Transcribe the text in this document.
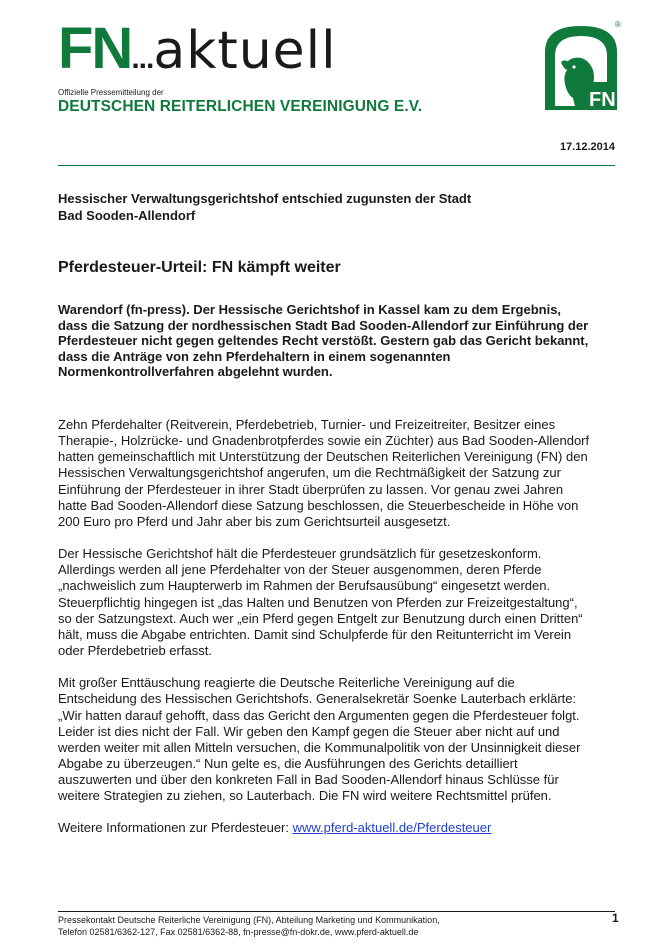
FN...aktuell
Offizielle Pressemitteilung der
DEUTSCHEN REITERLICHEN VEREINIGUNG E.V.	FN
®
17.12.2014
Hessischer Verwaltungsgerichtshof entschied zugunsten der Stadt
Bad Sooden-Allendorf
Pferdesteuer-Urteil: FN kämpft weiter
Warendorf (fn-press). Der Hessische Gerichtshof in Kassel kam zu dem Ergebnis,
dass die Satzung der nordhessischen Stadt Bad Sooden-Allendorf zur Einführung der
Pferdesteuer nicht gegen geltendes Recht verstößt. Gestern gab das Gericht bekannt,
dass die Anträge von zehn Pferdehaltern in einem sogenannten
Normenkontrollverfahren abgelehnt wurden.

Zehn Pferdehalter (Reitverein, Pferdebetrieb, Turnier- und Freizeitreiter, Besitzer eines
Therapie-, Holzrücke- und Gnadenbrotpferdes sowie ein Züchter) aus Bad Sooden-Allendorf
hatten gemeinschaftlich mit Unterstützung der Deutschen Reiterlichen Vereinigung (FN) den
Hessischen Verwaltungsgerichtshof angerufen, um die Rechtmäßigkeit der Satzung zur
Einführung der Pferdesteuer in ihrer Stadt überprüfen zu lassen. Vor genau zwei Jahren
hatte Bad Sooden-Allendorf diese Satzung beschlossen, die Steuerbescheide in Höhe von
200 Euro pro Pferd und Jahr aber bis zum Gerichtsurteil ausgesetzt.

Der Hessische Gerichtshof hält die Pferdesteuer grundsätzlich für gesetzeskonform.
Allerdings werden all jene Pferdehalter von der Steuer ausgenommen, deren Pferde
„nachweislich zum Haupterwerb im Rahmen der Berufsausübung“ eingesetzt werden.
Steuerpflichtig hingegen ist „das Halten und Benutzen von Pferden zur Freizeitgestaltung“,
so der Satzungstext. Auch wer „ein Pferd gegen Entgelt zur Benutzung durch einen Dritten“
hält, muss die Abgabe entrichten. Damit sind Schulpferde für den Reitunterricht im Verein
oder Pferdebetrieb erfasst.

Mit großer Enttäuschung reagierte die Deutsche Reiterliche Vereinigung auf die
Entscheidung des Hessischen Gerichtshofs. Generalsekretär Soenke Lauterbach erklärte:
„Wir hatten darauf gehofft, dass das Gericht den Argumenten gegen die Pferdesteuer folgt.
Leider ist dies nicht der Fall. Wir geben den Kampf gegen die Steuer aber nicht auf und
werden weiter mit allen Mitteln versuchen, die Kommunalpolitik von der Unsinnigkeit dieser
Abgabe zu überzeugen.“ Nun gelte es, die Ausführungen des Gerichts detailliert
auszuwerten und über den konkreten Fall in Bad Sooden-Allendorf hinaus Schlüsse für
weitere Strategien zu ziehen, so Lauterbach. Die FN wird weitere Rechtsmittel prüfen.

Weitere Informationen zur Pferdesteuer: www.pferd-aktuell.de/Pferdesteuer

Pressekontakt Deutsche Reiterliche Vereinigung (FN), Abteilung Marketing und Kommunikation,
Telefon 02581/6362-127, Fax 02581/6362-88, fn-presse@fn-dokr.de, www.pferd-aktuell.de
1
